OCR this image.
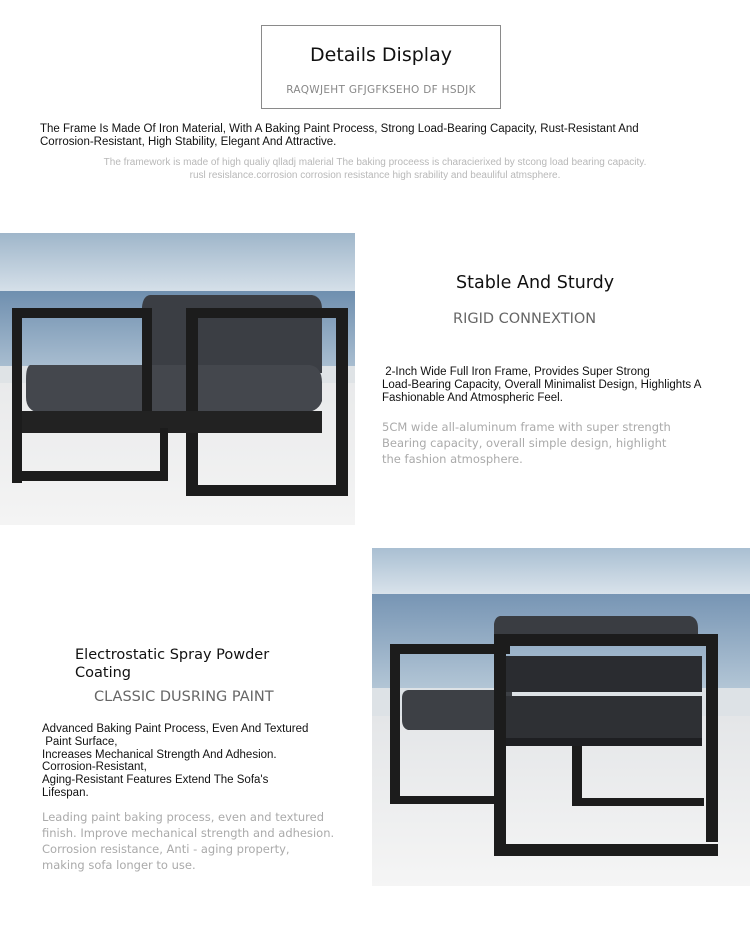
Details Display
RAQWJEHT GFJGFKSEHO DF HSDJK
The Frame Is Made Of Iron Material, With A Baking Paint Process, Strong Load-Bearing Capacity, Rust-Resistant And
Corrosion-Resistant, High Stability, Elegant And Attractive.
The framework is made of high qualiy qlladj malerial The baking proceess is characierixed by stcong load bearing capacity.
rusl resislance.corrosion corrosion resistance high srability and beauliful atmsphere.
Stable And Sturdy
RIGID CONNEXTION
2-Inch Wide Full Iron Frame, Provides Super Strong
Load-Bearing Capacity, Overall Minimalist Design, Highlights A
Fashionable And Atmospheric Feel.
5CM wide all-aluminum frame with super strength
Bearing capacity, overall simple design, highlight
the fashion atmosphere.
Electrostatic Spray Powder
Coating
CLASSIC DUSRING PAINT
Advanced Baking Paint Process, Even And Textured
Paint Surface,
Increases Mechanical Strength And Adhesion.
Corrosion-Resistant,
Aging-Resistant Features Extend The Sofa's
Lifespan.
Leading paint baking process, even and textured
finish. Improve mechanical strength and adhesion.
Corrosion resistance, Anti - aging property,
making sofa longer to use.
